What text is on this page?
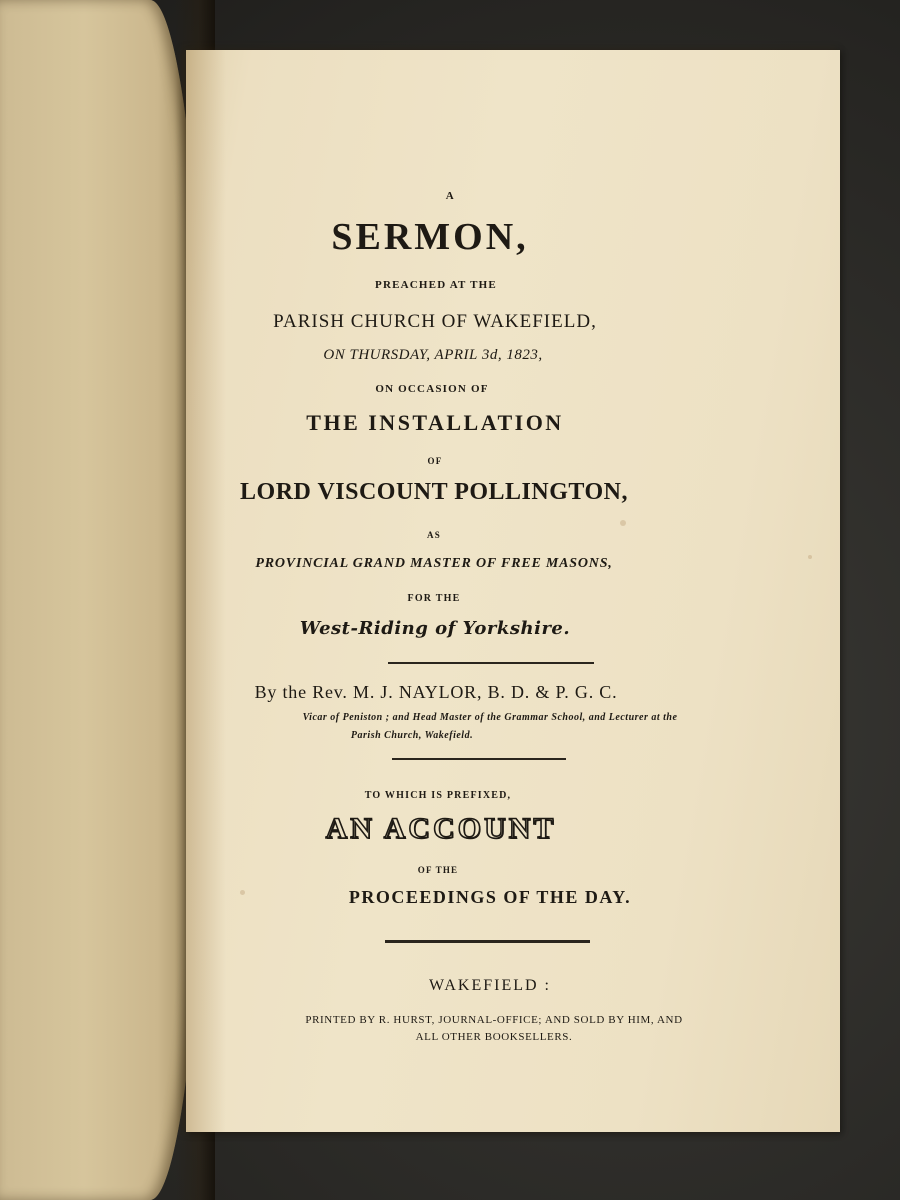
A
SERMON,
PREACHED AT THE
PARISH CHURCH OF WAKEFIELD,
ON THURSDAY, APRIL 3d, 1823,
ON OCCASION OF
THE INSTALLATION
OF
LORD VISCOUNT POLLINGTON,
AS
PROVINCIAL GRAND MASTER OF FREE MASONS,
FOR THE
West-Riding of Yorkshire.
By the Rev. M. J. NAYLOR, B. D. & P. G. C.
Vicar of Peniston ; and Head Master of the Grammar School, and Lecturer at the
Parish Church, Wakefield.
TO WHICH IS PREFIXED,
AN ACCOUNT
OF THE
PROCEEDINGS OF THE DAY.
WAKEFIELD :
PRINTED BY R. HURST, JOURNAL-OFFICE; AND SOLD BY HIM, AND
ALL OTHER BOOKSELLERS.
